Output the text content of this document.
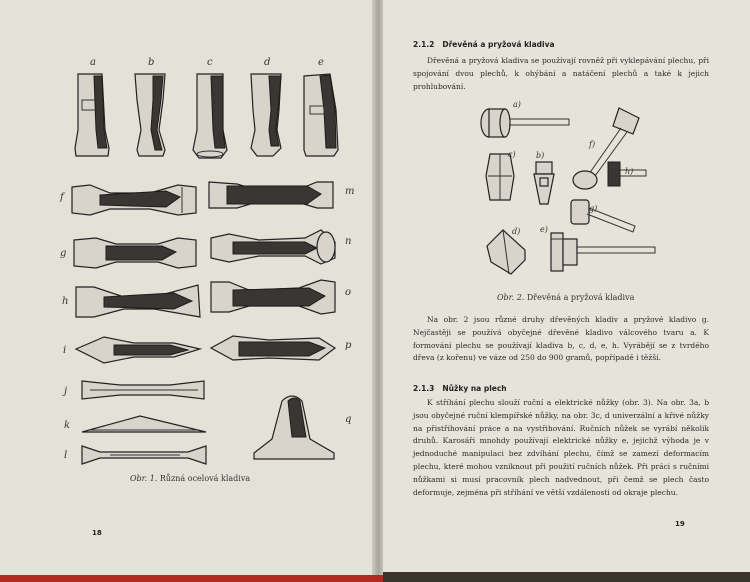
a	b	c	d	e
f
g
h
i
j
k
l
m
n
o
p
q
Obr. 1. Různá ocelová kladiva
18
2.1.2 Dřevěná a pryžová kladiva

Dřevěná a pryžová kladiva se používají rovněž při vyklepávání plechu, při spojování dvou plechů, k ohýbání a natáčení plechů a také k jejich prohlubování.

a)
c)	b)
d) e)
f)
h)
g)
Obr. 2. Dřevěná a pryžová kladiva

Na obr. 2 jsou různé druhy dřevěných kladiv a pryžové kladivo g. Nejčastěji se používá obyčejné dřevěné kladivo válcového tvaru a. K formování plechu se používají kladiva b, c, d, e, h. Vyrábějí se z tvrdého dřeva (z kořenu) ve váze od 250 do 900 gramů, popřípadě i těžší.

2.1.3 Nůžky na plech

K stříhání plechu slouží ruční a elektrické nůžky (obr. 3). Na obr. 3a, b jsou obyčejné ruční klempířské nůžky, na obr. 3c, d univerzální a křivé nůžky na přistřihování práce a na vystřihování. Ručních nůžek se vyrábí několik druhů. Karosáři mnohdy používají elektrické nůžky e, jejichž výhoda je v jednoduché manipulaci bez zdvíhání plechu, čímž se zamezí deformacím plechu, které mohou vzniknout při použití ručních nůžek. Při práci s ručními nůžkami si musí pracovník plech nadvednout, při čemž se plech často deformuje, zejména při stříhání ve větší vzdálenosti od okraje plechu.

19
